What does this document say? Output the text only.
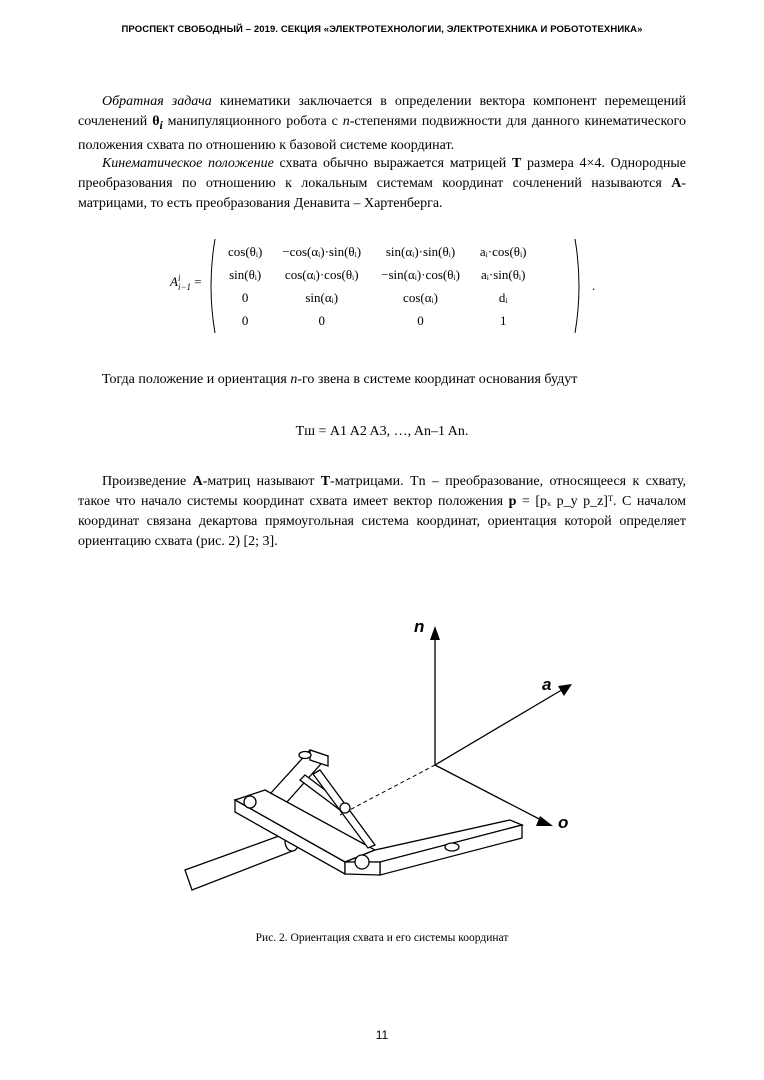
ПРОСПЕКТ СВОБОДНЫЙ – 2019. СЕКЦИЯ «ЭЛЕКТРОТЕХНОЛОГИИ, ЭЛЕКТРОТЕХНИКА И РОБОТОТЕХНИКА»

Обратная задача кинематики заключается в определении вектора компонент перемещений сочленений $\theta_i$ манипуляционного робота с n-степенями подвижности для данного кинематического положения схвата по отношению к базовой системе координат.

Кинематическое положение схвата обычно выражается матрицей T размера 4×4. Однородные преобразования по отношению к локальным системам координат сочленений называются A-матрицами, то есть преобразования Денавита – Хартенберга.

A i
i−1 =
cos(θᵢ)	−cos(αᵢ)·sin(θᵢ)	sin(αᵢ)·sin(θᵢ)	aᵢ·cos(θᵢ)
sin(θᵢ)	cos(αᵢ)·cos(θᵢ)	−sin(αᵢ)·cos(θᵢ)	aᵢ·sin(θᵢ)
0	sin(αᵢ)	cos(αᵢ)	dᵢ
0	0	0	1
.

Тогда положение и ориентация n-го звена в системе координат основания будут

Tш = A1 A2 A3, …, An–1 An.

Произведение A-матриц называют T-матрицами. Tn – преобразование, относящееся к схвату, такое что начало системы координат схвата имеет вектор положения p = [pₓ p_y p_z]ᵀ. С началом координат связана декартова прямоугольная система координат, ориентация которой определяет ориентацию схвата (рис. 2) [2; 3].

n
a
o
Рис. 2. Ориентация схвата и его системы координат
11
